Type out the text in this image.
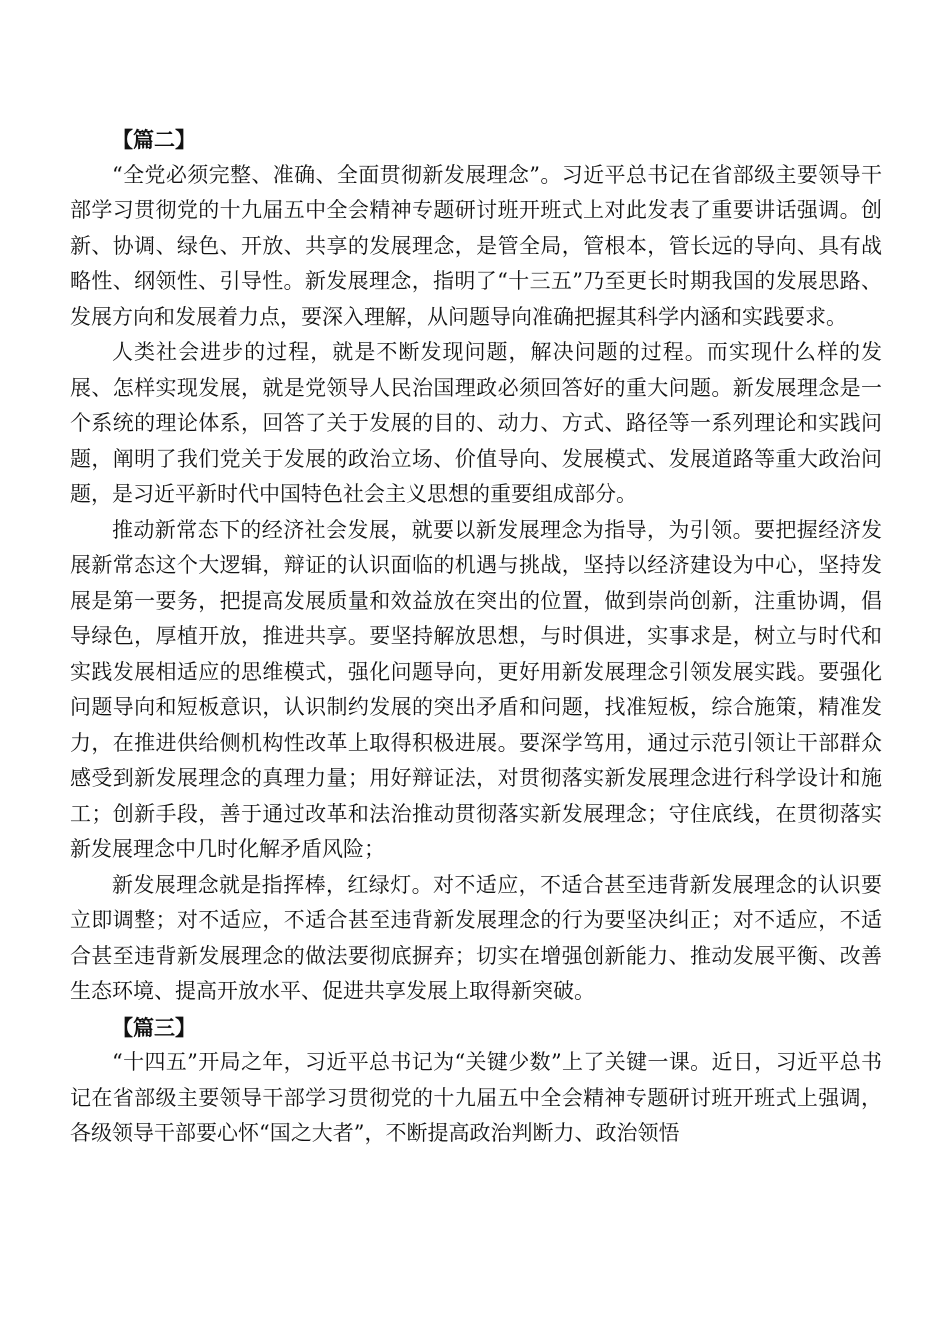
【篇二】

“全党必须完整、准确、全面贯彻新发展理念”。习近平总书记在省部级主要领导干部学习贯彻党的十九届五中全会精神专题研讨班开班式上对此发表了重要讲话强调。创新、协调、绿色、开放、共享的发展理念，是管全局，管根本，管长远的导向、具有战略性、纲领性、引导性。新发展理念，指明了“十三五”乃至更长时期我国的发展思路、发展方向和发展着力点，要深入理解，从问题导向准确把握其科学内涵和实践要求。

人类社会进步的过程，就是不断发现问题，解决问题的过程。而实现什么样的发展、怎样实现发展，就是党领导人民治国理政必须回答好的重大问题。新发展理念是一个系统的理论体系，回答了关于发展的目的、动力、方式、路径等一系列理论和实践问题，阐明了我们党关于发展的政治立场、价值导向、发展模式、发展道路等重大政治问题，是习近平新时代中国特色社会主义思想的重要组成部分。

推动新常态下的经济社会发展，就要以新发展理念为指导，为引领。要把握经济发展新常态这个大逻辑，辩证的认识面临的机遇与挑战，坚持以经济建设为中心，坚持发展是第一要务，把提高发展质量和效益放在突出的位置，做到崇尚创新，注重协调，倡导绿色，厚植开放，推进共享。要坚持解放思想，与时俱进，实事求是，树立与时代和实践发展相适应的思维模式，强化问题导向，更好用新发展理念引领发展实践。要强化问题导向和短板意识，认识制约发展的突出矛盾和问题，找准短板，综合施策，精准发力，在推进供给侧机构性改革上取得积极进展。要深学笃用，通过示范引领让干部群众感受到新发展理念的真理力量；用好辩证法，对贯彻落实新发展理念进行科学设计和施工；创新手段，善于通过改革和法治推动贯彻落实新发展理念；守住底线，在贯彻落实新发展理念中几时化解矛盾风险；

新发展理念就是指挥棒，红绿灯。对不适应，不适合甚至违背新发展理念的认识要立即调整；对不适应，不适合甚至违背新发展理念的行为要坚决纠正；对不适应，不适合甚至违背新发展理念的做法要彻底摒弃；切实在增强创新能力、推动发展平衡、改善生态环境、提高开放水平、促进共享发展上取得新突破。

【篇三】

“十四五”开局之年，习近平总书记为“关键少数”上了关键一课。近日，习近平总书记在省部级主要领导干部学习贯彻党的十九届五中全会精神专题研讨班开班式上强调，各级领导干部要心怀“国之大者”，不断提高政治判断力、政治领悟
